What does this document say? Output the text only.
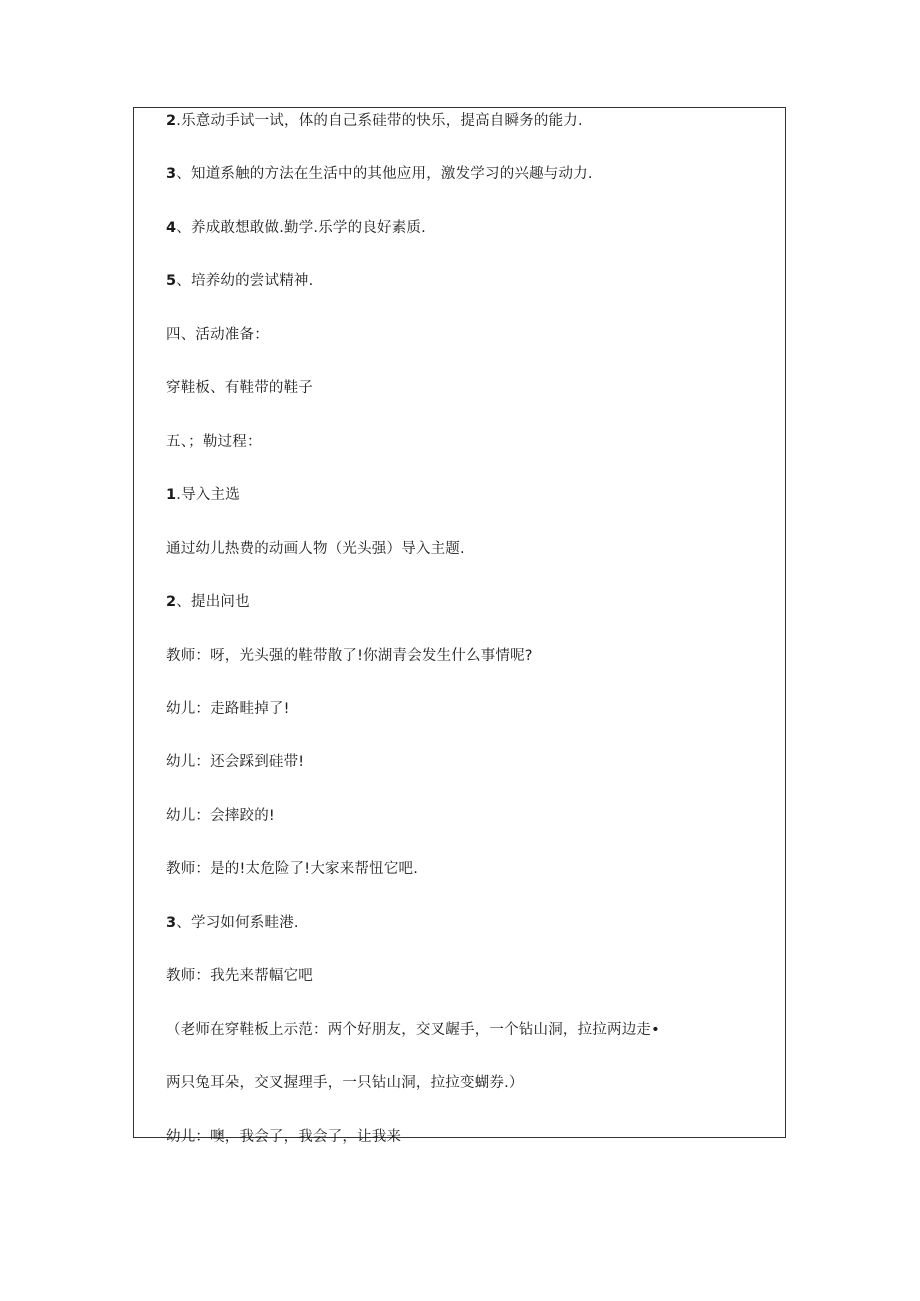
2.乐意动手试一试，体的自己系硅带的快乐，提高自瞬务的能力.

3、知道系触的方法在生活中的其他应用，激发学习的兴趣与动力.

4、养成敢想敢做.勤学.乐学的良好素质.

5、培养幼的尝试精神.

四、活动准备：

穿鞋板、有鞋带的鞋子

五、；勒过程：

1.导入主选

通过幼儿热费的动画人物（光头强）导入主题.

2、提出问也

教师：呀，光头强的鞋带散了!你湖青会发生什么事情呢?

幼儿：走路畦掉了!

幼儿：还会踩到硅带!

幼儿：会摔跤的!

教师：是的!太危险了!大家来帮忸它吧.

3、学习如何系畦港.

教师：我先来帮幅它吧

（老师在穿鞋板上示范：两个好朋友，交叉龌手，一个钻山洞，拉拉两边走•

两只兔耳朵，交叉握理手，一只钻山洞，拉拉变蝴券.）

幼儿：噢，我会了，我会了，让我来
